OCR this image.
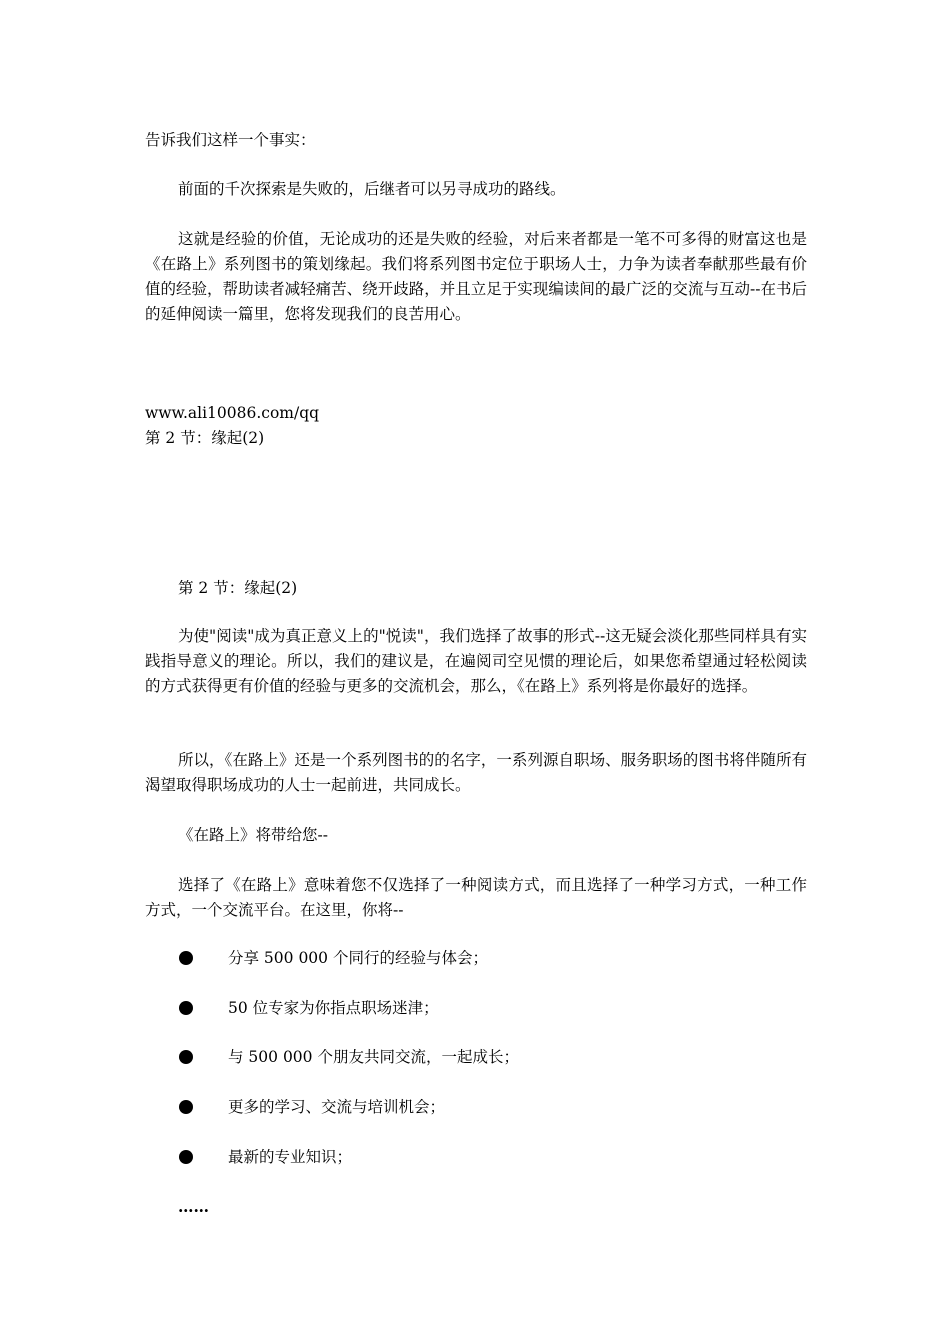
告诉我们这样一个事实：
前面的千次探索是失败的，后继者可以另寻成功的路线。
这就是经验的价值，无论成功的还是失败的经验，对后来者都是一笔不可多得的财富这也是《在路上》系列图书的策划缘起。我们将系列图书定位于职场人士，力争为读者奉献那些最有价值的经验，帮助读者减轻痛苦、绕开歧路，并且立足于实现编读间的最广泛的交流与互动--在书后的延伸阅读一篇里，您将发现我们的良苦用心。
www.ali10086.com/qq
第 2 节：缘起(2)
第 2 节：缘起(2)
为使"阅读"成为真正意义上的"悦读"，我们选择了故事的形式--这无疑会淡化那些同样具有实践指导意义的理论。所以，我们的建议是，在遍阅司空见惯的理论后，如果您希望通过轻松阅读的方式获得更有价值的经验与更多的交流机会，那么，《在路上》系列将是你最好的选择。
所以，《在路上》还是一个系列图书的的名字，一系列源自职场、服务职场的图书将伴随所有渴望取得职场成功的人士一起前进，共同成长。
《在路上》将带给您--
选择了《在路上》意味着您不仅选择了一种阅读方式，而且选择了一种学习方式，一种工作方式，一个交流平台。在这里，你将--
分享 500 000 个同行的经验与体会；
50 位专家为你指点职场迷津；
与 500 000 个朋友共同交流，一起成长；
更多的学习、交流与培训机会；
最新的专业知识；
……
